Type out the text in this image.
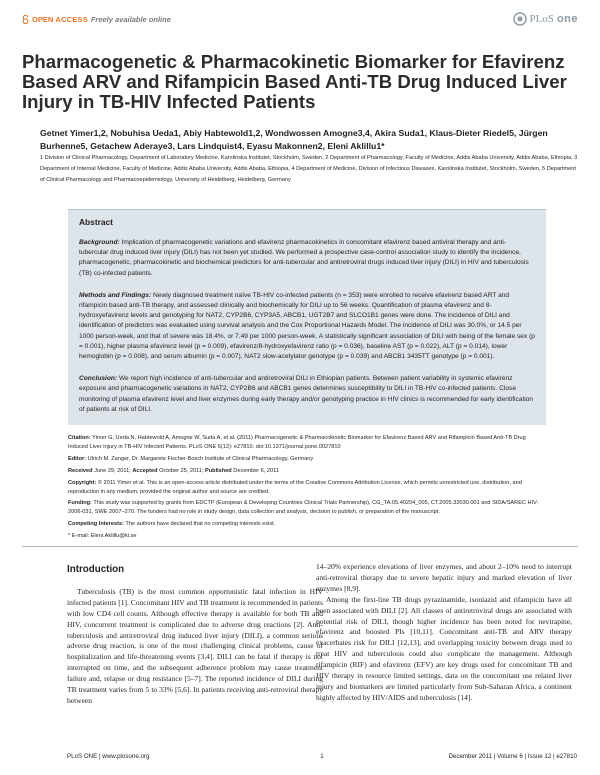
OPEN
ACCESS Freely available online	PLoS one
Pharmacogenetic & Pharmacokinetic Biomarker for Efavirenz Based ARV and Rifampicin Based Anti-TB Drug Induced Liver Injury in TB-HIV Infected Patients
Getnet Yimer1,2, Nobuhisa Ueda1, Abiy Habtewold1,2, Wondwossen Amogne3,4, Akira Suda1, Klaus-Dieter Riedel5, Jürgen Burhenne5, Getachew Aderaye3, Lars Lindquist4, Eyasu Makonnen2, Eleni Aklillu1*
1 Division of Clinical Pharmacology, Department of Laboratory Medicine, Karolinska Institutet, Stockholm, Sweden, 2 Department of Pharmacology, Faculty of Medicine, Addis Ababa University, Addis Ababa, Ethiopia, 3 Department of Internal Medicine, Faculty of Medicine, Addis Ababa University, Addis Ababa, Ethiopia, 4 Department of Medicine, Division of Infectious Diseases, Karolinska Institutet, Stockholm, Sweden, 5 Department of Clinical Pharmacology and Pharmacoepidemiology, University of Heidelberg, Heidelberg, Germany
Abstract

Background: Implication of pharmacogenetic variations and efavirenz pharmacokinetics in concomitant efavirenz based antiviral therapy and anti-tubercular drug induced liver injury (DILI) has not been yet studied. We performed a prospective case-control association study to identify the incidence, pharmacogenetic, pharmacokinetic and biochemical predictors for anti-tubercular and antiretroviral drugs induced liver injury (DILI) in HIV and tuberculosis (TB) co-infected patients.

Methods and Findings: Newly diagnosed treatment naïve TB-HIV co-infected patients (n = 353) were enrolled to receive efavirenz based ART and rifampicin based anti-TB therapy, and assessed clinically and biochemically for DILI up to 56 weeks. Quantification of plasma efavirenz and 8-hydroxyefavirenz levels and genotyping for NAT2, CYP2B6, CYP3A5, ABCB1, UGT2B7 and SLCO1B1 genes were done. The incidence of DILI and identification of predictors was evaluated using survival analysis and the Cox Proportional Hazards Model. The incidence of DILI was 30.0%, or 14.5 per 1000 person-week, and that of severe was 18.4%, or 7.49 per 1000 person-week. A statistically significant association of DILI with being of the female sex (p = 0.001), higher plasma efavirenz level (p = 0.009), efavirenz/8-hydroxyefavirenz ratio (p = 0.036), baseline AST (p = 0.022), ALT (p = 0.014), lower hemoglobin (p = 0.008), and serum albumin (p = 0.007), NAT2 slow-acetylator genotype (p = 0.039) and ABCB1 3435TT genotype (p = 0.001).

Conclusion: We report high incidence of anti-tubercular and antiretroviral DILI in Ethiopian patients. Between patient variability in systemic efavirenz exposure and pharmacogenetic variations in NAT2, CYP2B6 and ABCB1 genes determines susceptibility to DILI in TB-HIV co-infected patients. Close monitoring of plasma efavirenz level and liver enzymes during early therapy and/or genotyping practice in HIV clinics is recommended for early identification of patients at risk of DILI.

Citation: Yimer G, Ueda N, Habtewold A, Amogne W, Suda A, et al. (2011) Pharmacogenetic & Pharmacokinetic Biomarker for Efavirenz Based ARV and Rifampicin Based Anti-TB Drug Induced Liver Injury in TB-HIV Infected Patients. PLoS ONE 6(12): e27810. doi:10.1371/journal.pone.0027810

Editor: Ulrich M. Zanger, Dr. Margarete Fischer-Bosch Institute of Clinical Pharmacology, Germany

Received June 29, 2011; Accepted October 25, 2011; Published December 6, 2011

Copyright: © 2011 Yimer et al. This is an open-access article distributed under the terms of the Creative Commons Attribution License, which permits unrestricted use, distribution, and reproduction in any medium, provided the original author and source are credited.

Funding: This study was supported by grants from EDCTP (European & Developing Countries Clinical Trials Partnership), CG_TA.05.40204_005, CT.2005.32030.001 and SIDA/SAREC HIV-2006-031, SWE 2007–270. The funders had no role in study design, data collection and analysis, decision to publish, or preparation of the manuscript.

Competing Interests: The authors have declared that no competing interests exist.

* E-mail: Eleni.Aklillu@ki.se

Introduction

Tuberculosis (TB) is the most common opportunistic fatal infection in HIV infected patients [1]. Concomitant HIV and TB treatment is recommended in patients with low CD4 cell counts. Although effective therapy is available for both TB and HIV, concurrent treatment is complicated due to adverse drug reactions [2]. Anti-tuberculosis and antiretroviral drug induced liver injury (DILI), a common serious adverse drug reaction, is one of the most challenging clinical problems, cause of hospitalization and life-threatening events [3,4]. DILI can be fatal if therapy is not interrupted on time, and the subsequent adherence problem may cause treatment failure and, relapse or drug resistance [5–7]. The reported incidence of DILI during TB treatment varies from 5 to 33% [5,6]. In patients receiving anti-retroviral therapy between

14–20% experience elevations of liver enzymes, and about 2–10% need to interrupt anti-retroviral therapy due to severe hepatic injury and marked elevation of liver enzymes [8,9].

Among the first-line TB drugs pyrazinamide, isoniazid and rifampicin have all been associated with DILI [2]. All classes of antiretroviral drugs are associated with potential risk of DILI, though higher incidence has been noted for nevirapine, efavirenz and boosted PIs [10,11]. Concomitant anti-TB and ARV therapy exacerbates risk for DILI [12,13], and overlapping toxicity between drugs used to treat HIV and tuberculosis could also complicate the management. Although rifampicin (RIF) and efavirenz (EFV) are key drugs used for concomitant TB and HIV therapy in resource limited settings, data on the concomitant use related liver injury and biomarkers are limited particularly from Sub-Saharan Africa, a continent highly affected by HIV/AIDS and tuberculosis [14].

PLoS ONE | www.plosone.org	1	December 2011 | Volume 6 | Issue 12 | e27810
